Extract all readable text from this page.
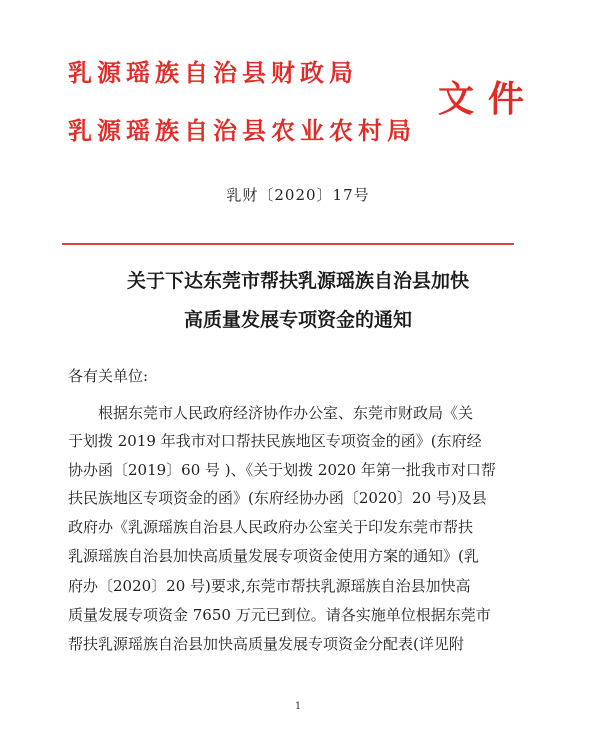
乳源瑶族自治县财政局
乳源瑶族自治县农业农村局
文件
乳财〔2020〕17号
关于下达东莞市帮扶乳源瑶族自治县加快
高质量发展专项资金的通知
各有关单位:
根据东莞市人民政府经济协作办公室、东莞市财政局《关
于划拨 2019 年我市对口帮扶民族地区专项资金的函》(东府经
协办函〔2019〕60 号 )、《关于划拨 2020 年第一批我市对口帮
扶民族地区专项资金的函》(东府经协办函〔2020〕20 号)及县
政府办《乳源瑶族自治县人民政府办公室关于印发东莞市帮扶
乳源瑶族自治县加快高质量发展专项资金使用方案的通知》(乳
府办〔2020〕20 号)要求,东莞市帮扶乳源瑶族自治县加快高
质量发展专项资金 7650 万元已到位。请各实施单位根据东莞市
帮扶乳源瑶族自治县加快高质量发展专项资金分配表(详见附
1
